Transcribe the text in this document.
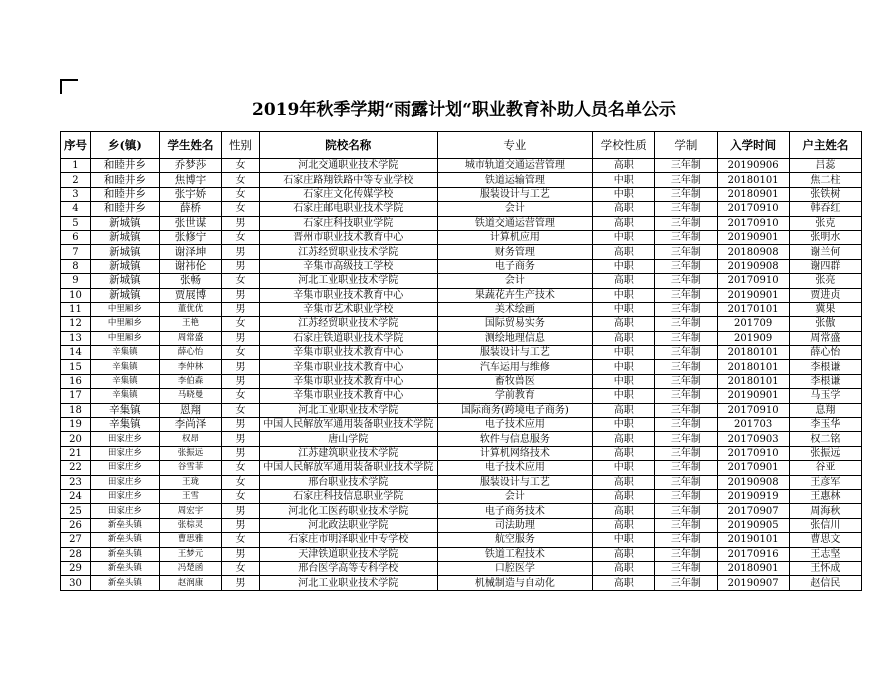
2019年秋季学期“雨露计划“职业教育补助人员名单公示
序号	乡(镇)	学生姓名	性别	院校名称	专业	学校性质	学制	入学时间	户主姓名
1	和睦井乡	乔梦莎	女	河北交通职业技术学院	城市轨道交通运营管理	高职	三年制	20190906	吕蕊
2	和睦井乡	焦博宇	女	石家庄路翔铁路中等专业学校	铁道运输管理	中职	三年制	20180101	焦二柱
3	和睦井乡	张宇娇	女	石家庄文化传媒学校	服装设计与工艺	中职	三年制	20180901	张铁树
4	和睦井乡	薛桥	女	石家庄邮电职业技术学院	会计	高职	三年制	20170910	韩吞红
5	新城镇	张世谋	男	石家庄科技职业学院	铁道交通运营管理	高职	三年制	20170910	张克
6	新城镇	张修宁	女	晋州市职业技术教育中心	计算机应用	中职	三年制	20190901	张明水
7	新城镇	谢泽坤	男	江苏经贸职业技术学院	财务管理	高职	三年制	20180908	谢兰何
8	新城镇	谢祎伦	男	辛集市高级技工学校	电子商务	中职	三年制	20190908	谢四群
9	新城镇	张畅	女	河北工业职业技术学院	会计	高职	三年制	20170910	张亮
10	新城镇	贾展博	男	辛集市职业技术教育中心	果蔬花卉生产技术	中职	三年制	20190901	贾进贞
11	中里厢乡	董优优	男	辛集市艺术职业学校	美术绘画	中职	三年制	20170101	冀果
12	中里厢乡	王艳	女	江苏经贸职业技术学院	国际贸易实务	高职	三年制	201709	张傲
13	中里厢乡	周常盛	男	石家庄铁道职业技术学院	测绘地理信息	高职	三年制	201909	周常盛
14	辛集镇	薛心怡	女	辛集市职业技术教育中心	服装设计与工艺	中职	三年制	20180101	薛心怡
15	辛集镇	李仲林	男	辛集市职业技术教育中心	汽车运用与维修	中职	三年制	20180101	李根谦
16	辛集镇	李伯森	男	辛集市职业技术教育中心	畜牧兽医	中职	三年制	20180101	李根谦
17	辛集镇	马晓曼	女	辛集市职业技术教育中心	学前教育	中职	三年制	20190901	马玉学
18	辛集镇	恩翔	女	河北工业职业技术学院	国际商务(跨境电子商务)	高职	三年制	20170910	息翔
19	辛集镇	李尚泽	男	中国人民解放军通用装备职业技术学院	电子技术应用	中职	三年制	201703	李玉华
20	田家庄乡	权昂	男	唐山学院	软件与信息服务	高职	三年制	20170903	权二铭
21	田家庄乡	张振远	男	江苏建筑职业技术学院	计算机网络技术	高职	三年制	20170910	张振远
22	田家庄乡	谷雪菲	女	中国人民解放军通用装备职业技术学院	电子技术应用	中职	三年制	20170901	谷亚
23	田家庄乡	王珑	女	邢台职业技术学院	服装设计与工艺	高职	三年制	20190908	王彦军
24	田家庄乡	王雪	女	石家庄科技信息职业学院	会计	高职	三年制	20190919	王惠林
25	田家庄乡	周宏宇	男	河北化工医药职业技术学院	电子商务技术	高职	三年制	20170907	周海秋
26	新垒头镇	张棕灵	男	河北政法职业学院	司法助理	高职	三年制	20190905	张信川
27	新垒头镇	曹思雅	女	石家庄市明泽职业中专学校	航空服务	中职	三年制	20190101	曹思文
28	新垒头镇	王梦元	男	天津铁道职业技术学院	铁道工程技术	高职	三年制	20170916	王志坚
29	新垒头镇	冯楚函	女	邢台医学高等专科学校	口腔医学	高职	三年制	20180901	王怀成
30	新垒头镇	赵润康	男	河北工业职业技术学院	机械制造与自动化	高职	三年制	20190907	赵信民
